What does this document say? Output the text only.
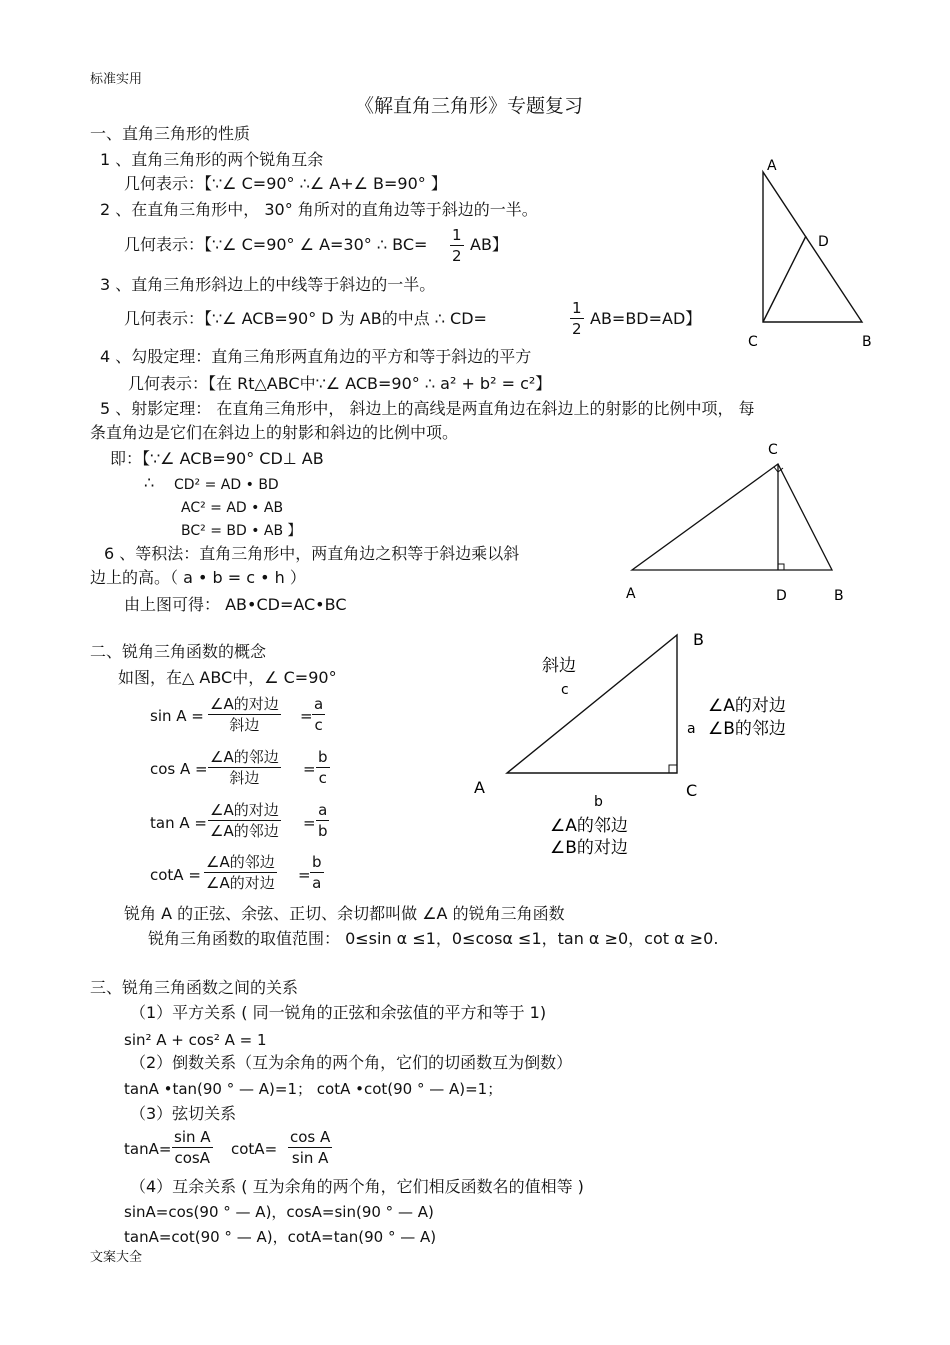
标准实用
文案大全
《解直角三角形》专题复习
一、直角三角形的性质
1 、直角三角形的两个锐角互余
几何表示：【∵∠ C=90° ∴∠ A+∠ B=90° 】
2 、在直角三角形中， 30° 角所对的直角边等于斜边的一半。
几何表示：【∵∠ C=90° ∠ A=30° ∴ $BC= \frac{1}{2}$ AB】
3 、直角三角形斜边上的中线等于斜边的一半。
几何表示：【∵∠ ACB=90° D 为 AB的中点 ∴ CD=	$\frac{1}{2} AB=BD=AD$】
4 、勾股定理：直角三角形两直角边的平方和等于斜边的平方
几何表示：【在 Rt△ABC中∵∠ ACB=90° ∴ a² + b² = c²】
5 、射影定理： 在直角三角形中， 斜边上的高线是两直角边在斜边上的射影的比例中项， 每
条直角边是它们在斜边上的射影和斜边的比例中项。
即：【∵∠ ACB=90° CD⊥ AB
∴ CD² = AD • BD
AC² = AD • AB
BC² = BD • AB 】
6 、等积法：直角三角形中，两直角边之积等于斜边乘以斜
边上的高。（ a • b = c • h ）
由上图可得： AB•CD=AC•BC
A
D
C	B
C
A	D	B
二、锐角三角函数的概念
如图，在△ ABC中，∠ C=90°
sin A =
∠A的对边
斜边	= $\frac{a}{c}$
cos A =
∠A的邻边
斜边	= $\frac{b}{c}$
tan A =
∠A的对边
∠A的邻边 = $\frac{a}{b}$
cotA =
∠A的邻边
∠A的对边 = $\frac{b}{a}$
锐角 A 的正弦、余弦、正切、余切都叫做 ∠A 的锐角三角函数
锐角三角函数的取值范围： 0≤sin α ≤1，0≤cosα ≤1，tan α ≥0，cot α ≥0.
斜边
c
a
b
A
B
C
∠A的对边
∠B的邻边
∠A的邻边
∠B的对边
三、锐角三角函数之间的关系
（1）平方关系 ( 同一锐角的正弦和余弦值的平方和等于 1)
sin² A + cos² A = 1
（2）倒数关系（互为余角的两个角，它们的切函数互为倒数）
tanA •tan(90 ° — A)=1； cotA •cot(90 ° — A)=1；
（3）弦切关系
$\tan A= \frac{\text{sin A}}{\cos A} \cot A= \frac{\text{cos A}}{\text{sin A}}$
（4）互余关系 ( 互为余角的两个角，它们相反函数名的值相等 )
sinA=cos(90 ° — A)，cosA=sin(90 ° — A)
tanA=cot(90 ° — A)，cotA=tan(90 ° — A)
